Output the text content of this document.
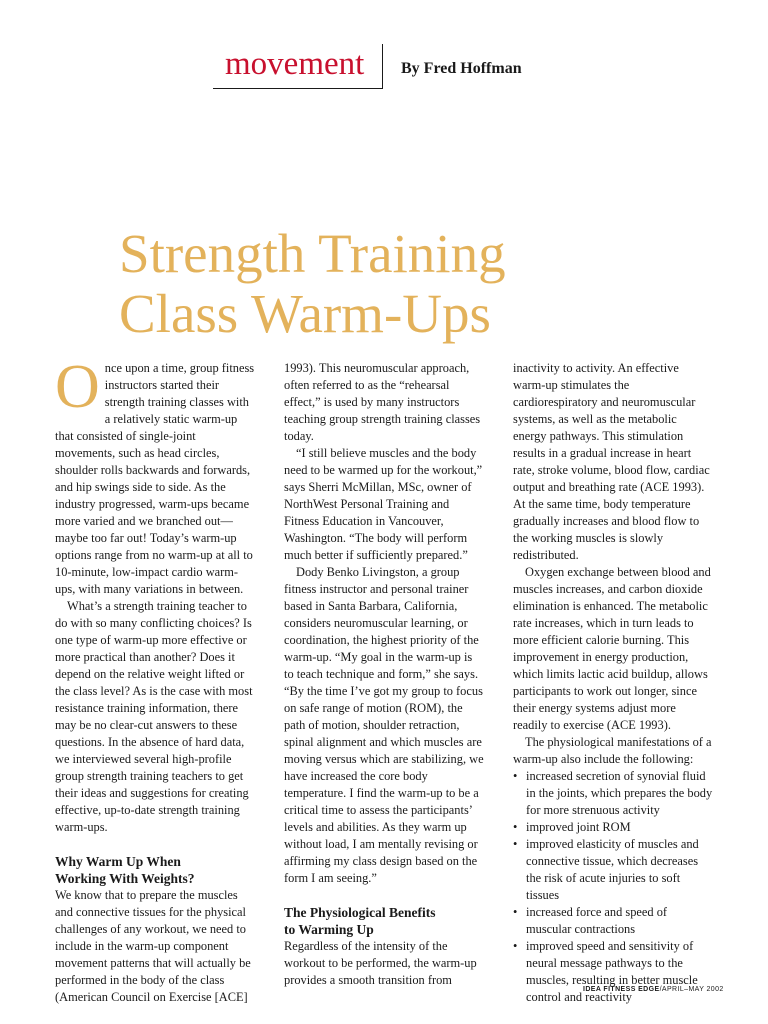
movement By Fred Hoffman
Strength Training
Class Warm-Ups

Once upon a time, group fitness instructors started their strength training classes with a relatively static warm-up that consisted of single-joint movements, such as head circles, shoulder rolls backwards and forwards, and hip swings side to side. As the industry progressed, warm-ups became more varied and we branched out—maybe too far out! Today’s warm-up options range from no warm-up at all to 10-minute, low-impact cardio warm-ups, with many variations in between.

What’s a strength training teacher to do with so many conflicting choices? Is one type of warm-up more effective or more practical than another? Does it depend on the relative weight lifted or the class level? As is the case with most resistance training information, there may be no clear-cut answers to these questions. In the absence of hard data, we interviewed several high-profile group strength training teachers to get their ideas and suggestions for creating effective, up-to-date strength training warm-ups.

Why Warm Up When
Working With Weights?

We know that to prepare the muscles and connective tissues for the physical challenges of any workout, we need to include in the warm-up component movement patterns that will actually be performed in the body of the class (American Council on Exercise [ACE]

1993). This neuromuscular approach, often referred to as the “rehearsal effect,” is used by many instructors teaching group strength training classes today.

“I still believe muscles and the body need to be warmed up for the workout,” says Sherri McMillan, MSc, owner of NorthWest Personal Training and Fitness Education in Vancouver, Washington. “The body will perform much better if sufficiently prepared.”

Dody Benko Livingston, a group fitness instructor and personal trainer based in Santa Barbara, California, considers neuromuscular learning, or coordination, the highest priority of the warm-up. “My goal in the warm-up is to teach technique and form,” she says. “By the time I’ve got my group to focus on safe range of motion (ROM), the path of motion, shoulder retraction, spinal alignment and which muscles are moving versus which are stabilizing, we have increased the core body temperature. I find the warm-up to be a critical time to assess the participants’ levels and abilities. As they warm up without load, I am mentally revising or affirming my class design based on the form I am seeing.”

The Physiological Benefits
to Warming Up

Regardless of the intensity of the workout to be performed, the warm-up provides a smooth transition from

inactivity to activity. An effective warm-up stimulates the cardiorespiratory and neuromuscular systems, as well as the metabolic energy pathways. This stimulation results in a gradual increase in heart rate, stroke volume, blood flow, cardiac output and breathing rate (ACE 1993). At the same time, body temperature gradually increases and blood flow to the working muscles is slowly redistributed.

Oxygen exchange between blood and muscles increases, and carbon dioxide elimination is enhanced. The metabolic rate increases, which in turn leads to more efficient calorie burning. This improvement in energy production, which limits lactic acid buildup, allows participants to work out longer, since their energy systems adjust more readily to exercise (ACE 1993).

The physiological manifestations of a warm-up also include the following:

• increased secretion of synovial fluid in the joints, which prepares the body for more strenuous activity
• improved joint ROM
• improved elasticity of muscles and connective tissue, which decreases the risk of acute injuries to soft tissues
• increased force and speed of muscular contractions
• improved speed and sensitivity of neural message pathways to the muscles, resulting in better muscle control and reactivity
IDEA FITNESS EDGE/APRIL–MAY 2002
